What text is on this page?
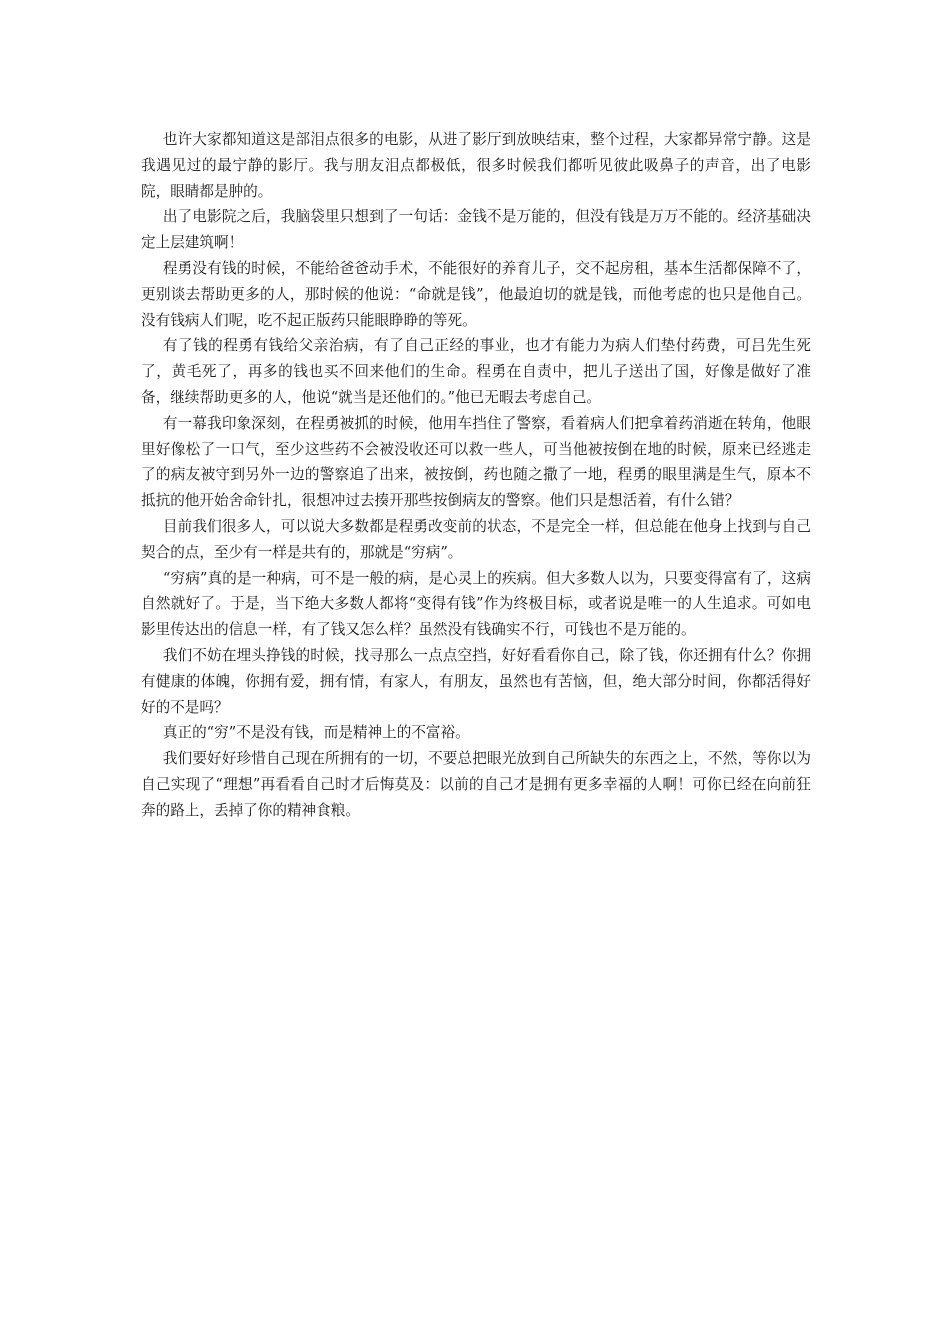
也许大家都知道这是部泪点很多的电影，从进了影厅到放映结束，整个过程，大家都异常宁静。这是我遇见过的最宁静的影厅。我与朋友泪点都极低，很多时候我们都听见彼此吸鼻子的声音，出了电影院，眼睛都是肿的。

出了电影院之后，我脑袋里只想到了一句话：金钱不是万能的，但没有钱是万万不能的。经济基础决定上层建筑啊！

程勇没有钱的时候，不能给爸爸动手术，不能很好的养育儿子，交不起房租，基本生活都保障不了，更别谈去帮助更多的人，那时候的他说：“命就是钱”，他最迫切的就是钱，而他考虑的也只是他自己。没有钱病人们呢，吃不起正版药只能眼睁睁的等死。

有了钱的程勇有钱给父亲治病，有了自己正经的事业，也才有能力为病人们垫付药费，可吕先生死了，黄毛死了，再多的钱也买不回来他们的生命。程勇在自责中，把儿子送出了国，好像是做好了准备，继续帮助更多的人，他说“就当是还他们的。”他已无暇去考虑自己。

有一幕我印象深刻，在程勇被抓的时候，他用车挡住了警察，看着病人们把拿着药消逝在转角，他眼里好像松了一口气，至少这些药不会被没收还可以救一些人，可当他被按倒在地的时候，原来已经逃走了的病友被守到另外一边的警察追了出来，被按倒，药也随之撒了一地，程勇的眼里满是生气，原本不抵抗的他开始舍命针扎，很想冲过去揍开那些按倒病友的警察。他们只是想活着，有什么错？

目前我们很多人，可以说大多数都是程勇改变前的状态，不是完全一样，但总能在他身上找到与自己契合的点，至少有一样是共有的，那就是“穷病”。

“穷病”真的是一种病，可不是一般的病，是心灵上的疾病。但大多数人以为，只要变得富有了，这病自然就好了。于是，当下绝大多数人都将“变得有钱”作为终极目标，或者说是唯一的人生追求。可如电影里传达出的信息一样，有了钱又怎么样？虽然没有钱确实不行，可钱也不是万能的。

我们不妨在埋头挣钱的时候，找寻那么一点点空挡，好好看看你自己，除了钱，你还拥有什么？你拥有健康的体魄，你拥有爱，拥有情，有家人，有朋友，虽然也有苦恼，但，绝大部分时间，你都活得好好的不是吗？

真正的“穷”不是没有钱，而是精神上的不富裕。

我们要好好珍惜自己现在所拥有的一切，不要总把眼光放到自己所缺失的东西之上，不然，等你以为自己实现了“理想”再看看自己时才后悔莫及：以前的自己才是拥有更多幸福的人啊！可你已经在向前狂奔的路上，丢掉了你的精神食粮。
